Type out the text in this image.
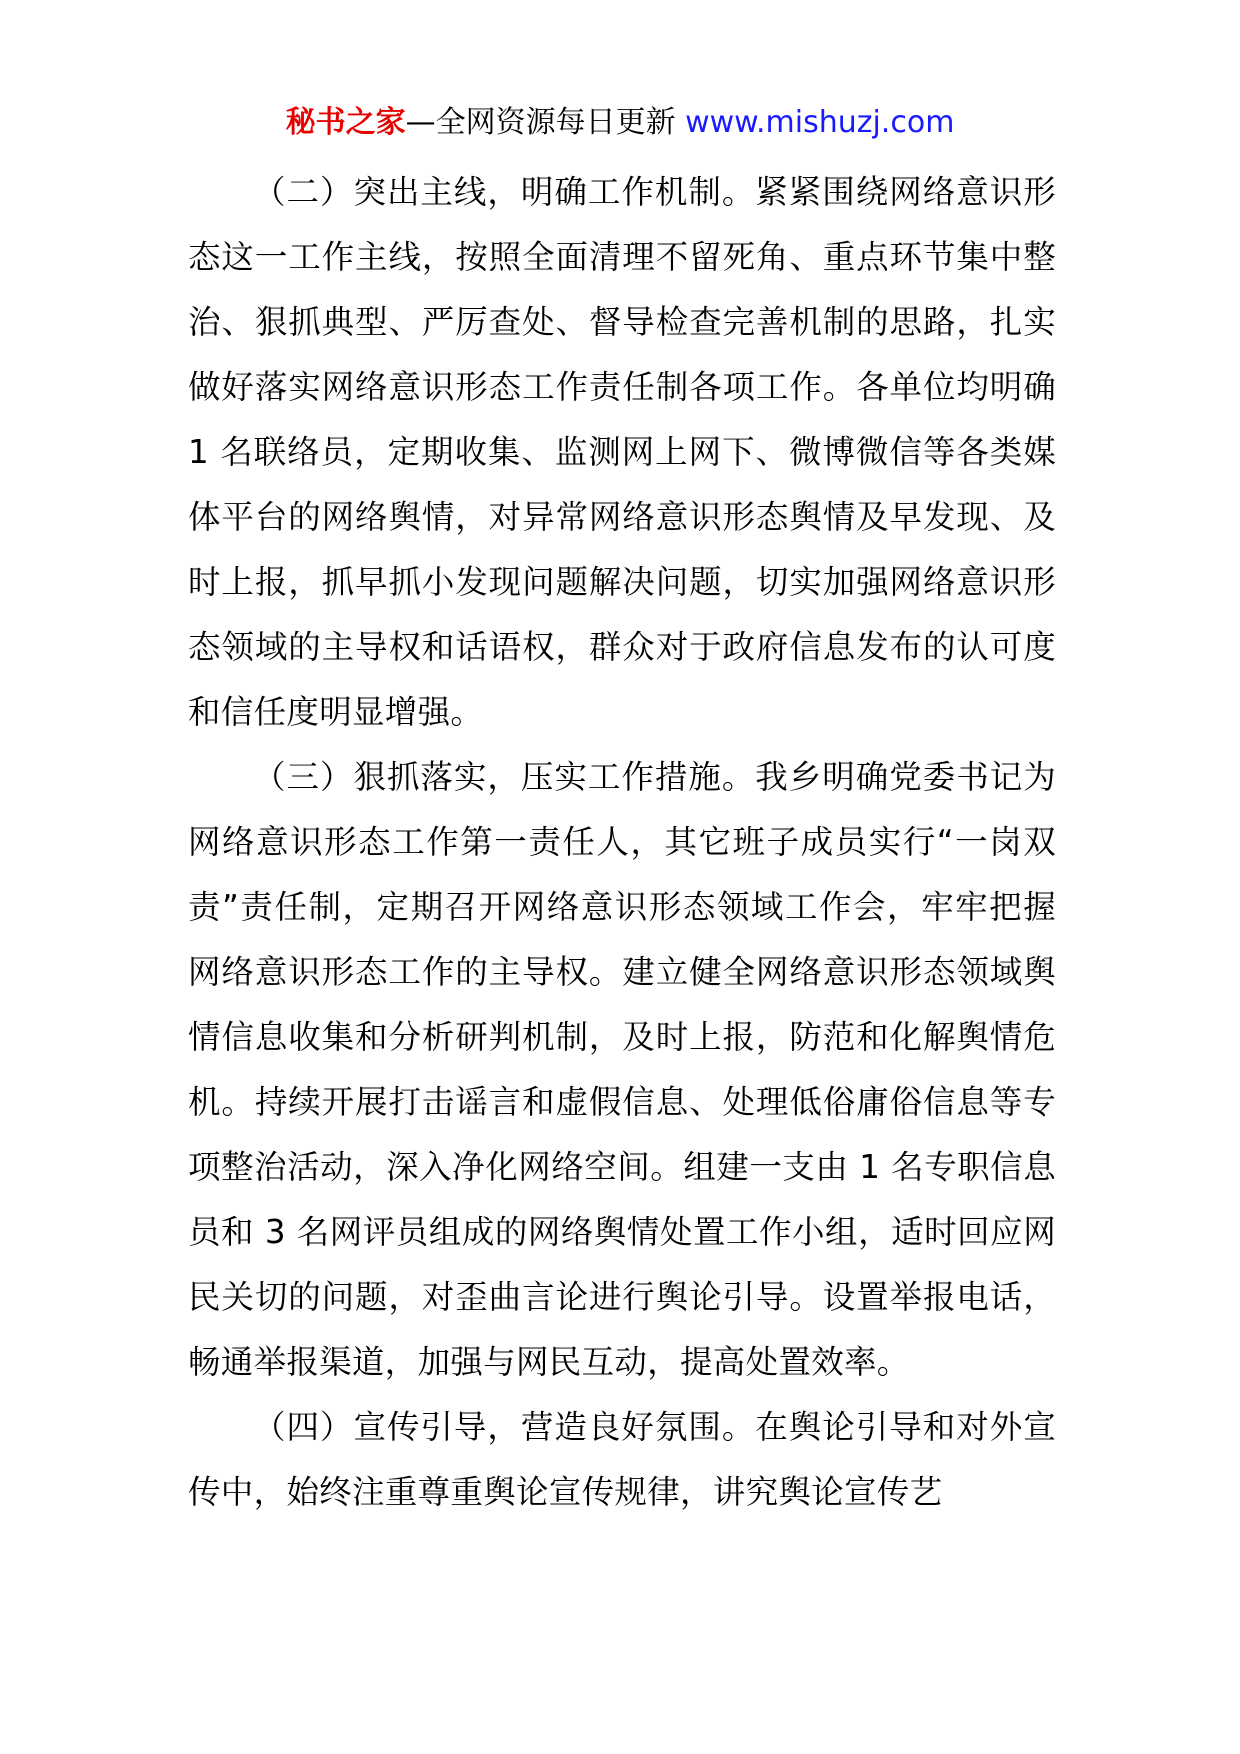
秘书之家—全网资源每日更新 www.mishuzj.com

（二）突出主线，明确工作机制。紧紧围绕网络意识形态这一工作主线，按照全面清理不留死角、重点环节集中整治、狠抓典型、严厉查处、督导检查完善机制的思路，扎实做好落实网络意识形态工作责任制各项工作。各单位均明确 1 名联络员，定期收集、监测网上网下、微博微信等各类媒体平台的网络舆情，对异常网络意识形态舆情及早发现、及时上报，抓早抓小发现问题解决问题，切实加强网络意识形态领域的主导权和话语权，群众对于政府信息发布的认可度和信任度明显增强。

（三）狠抓落实，压实工作措施。我乡明确党委书记为网络意识形态工作第一责任人，其它班子成员实行“一岗双责”责任制，定期召开网络意识形态领域工作会，牢牢把握网络意识形态工作的主导权。建立健全网络意识形态领域舆情信息收集和分析研判机制，及时上报，防范和化解舆情危机。持续开展打击谣言和虚假信息、处理低俗庸俗信息等专项整治活动，深入净化网络空间。组建一支由 1 名专职信息员和 3 名网评员组成的网络舆情处置工作小组，适时回应网民关切的问题，对歪曲言论进行舆论引导。设置举报电话，畅通举报渠道，加强与网民互动，提高处置效率。

（四）宣传引导，营造良好氛围。在舆论引导和对外宣传中，始终注重尊重舆论宣传规律，讲究舆论宣传艺
